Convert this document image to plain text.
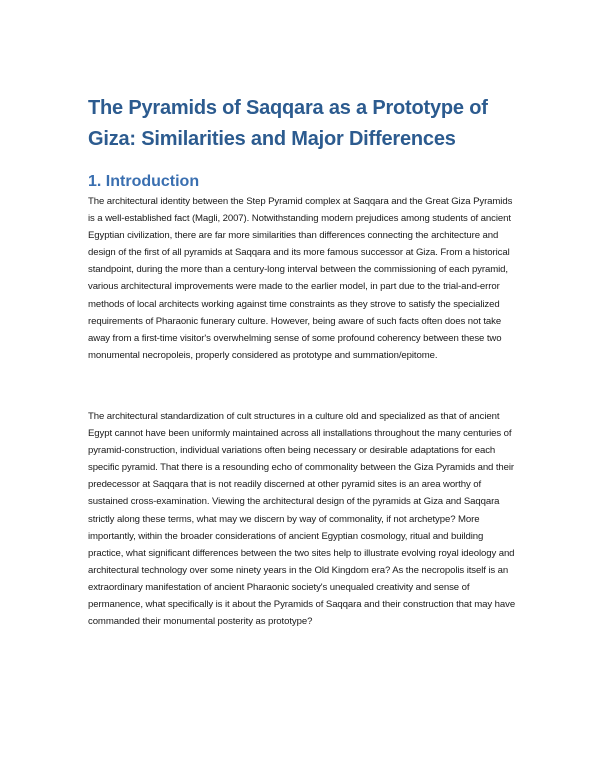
The Pyramids of Saqqara as a Prototype of Giza: Similarities and Major Differences
1. Introduction

The architectural identity between the Step Pyramid complex at Saqqara and the Great Giza Pyramids is a well-established fact (Magli, 2007). Notwithstanding modern prejudices among students of ancient Egyptian civilization, there are far more similarities than differences connecting the architecture and design of the first of all pyramids at Saqqara and its more famous successor at Giza. From a historical standpoint, during the more than a century-long interval between the commissioning of each pyramid, various architectural improvements were made to the earlier model, in part due to the trial-and-error methods of local architects working against time constraints as they strove to satisfy the specialized requirements of Pharaonic funerary culture. However, being aware of such facts often does not take away from a first-time visitor's overwhelming sense of some profound coherency between these two monumental necropoleis, properly considered as prototype and summation/epitome.

The architectural standardization of cult structures in a culture old and specialized as that of ancient Egypt cannot have been uniformly maintained across all installations throughout the many centuries of pyramid-construction, individual variations often being necessary or desirable adaptations for each specific pyramid. That there is a resounding echo of commonality between the Giza Pyramids and their predecessor at Saqqara that is not readily discerned at other pyramid sites is an area worthy of sustained cross-examination. Viewing the architectural design of the pyramids at Giza and Saqqara strictly along these terms, what may we discern by way of commonality, if not archetype? More importantly, within the broader considerations of ancient Egyptian cosmology, ritual and building practice, what significant differences between the two sites help to illustrate evolving royal ideology and architectural technology over some ninety years in the Old Kingdom era? As the necropolis itself is an extraordinary manifestation of ancient Pharaonic society's unequaled creativity and sense of permanence, what specifically is it about the Pyramids of Saqqara and their construction that may have commanded their monumental posterity as prototype?
